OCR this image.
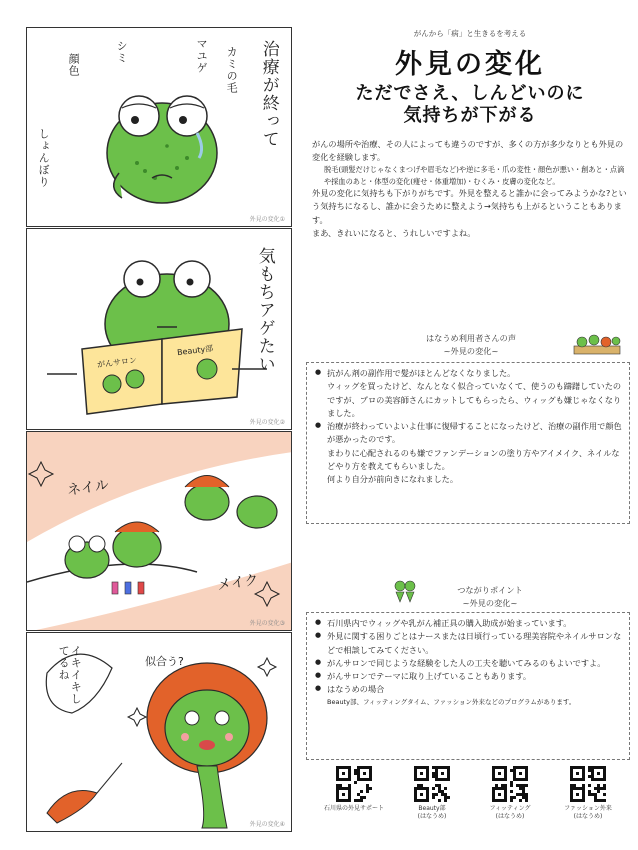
顔色
シミ	マユゲ カミの毛 治療が終って
しょんぼり
外見の変化①
がんサロン
Beauty部 気もちアゲたい
外見の変化②
ネイル
メイク
外見の変化③
イキイキしてるね	似合う?
外見の変化④
がんから「病」と生きるを考える
外見の変化
ただでさえ、しんどいのに
気持ちが下がる

がんの場所や治療、その人によっても違うのですが、多くの方が多少なりとも外見の変化を経験します。

脱毛(頭髪だけじゃなくまつげや眉毛など)や逆に多毛・爪の変性・顔色が悪い・創あと・点滴や採血のあと・体型の変化(痩せ・体重増加)・むくみ・皮膚の変化など。

外見の変化に気持ちも下がりがちです。外見を整えると誰かに会ってみようかな?という気持ちになるし、誰かに会うために整えよう→気持ちも上がるということもあります。

まあ、きれいになると、うれしいですよね。

はなうめ利用者さんの声
~外見の変化~
● 抗がん剤の副作用で髪がほとんどなくなりました。
ウィッグを買ったけど、なんとなく似合っていなくて、使うのも躊躇していたのですが、プロの美容師さんにカットしてもらったら、ウィッグも嫌じゃなくなりました。
● 治療が終わっていよいよ仕事に復帰することになったけど、治療の副作用で顔色が悪かったのです。
まわりに心配されるのも嫌でファンデーションの塗り方やアイメイク、ネイルなどやり方を教えてもらいました。
何より自分が前向きになれました。
つながりポイント
~外見の変化~
● 石川県内でウィッグや乳がん補正具の購入助成が始まっています。
● 外見に関する困りごとはナースまたは日頃行っている理美容院やネイルサロンなどで相談してみてください。
● がんサロンで同じような経験をした人の工夫を聴いてみるのもよいですよ。
● がんサロンでテーマに取り上げていることもあります。
● はなうめの場合
Beauty部、フィッティングタイム、ファッション外来などのプログラムがあります。
石川県の外見サポート	Beauty部
(はなうめ)
フィッティング
(はなうめ)
ファッション外来
(はなうめ)
